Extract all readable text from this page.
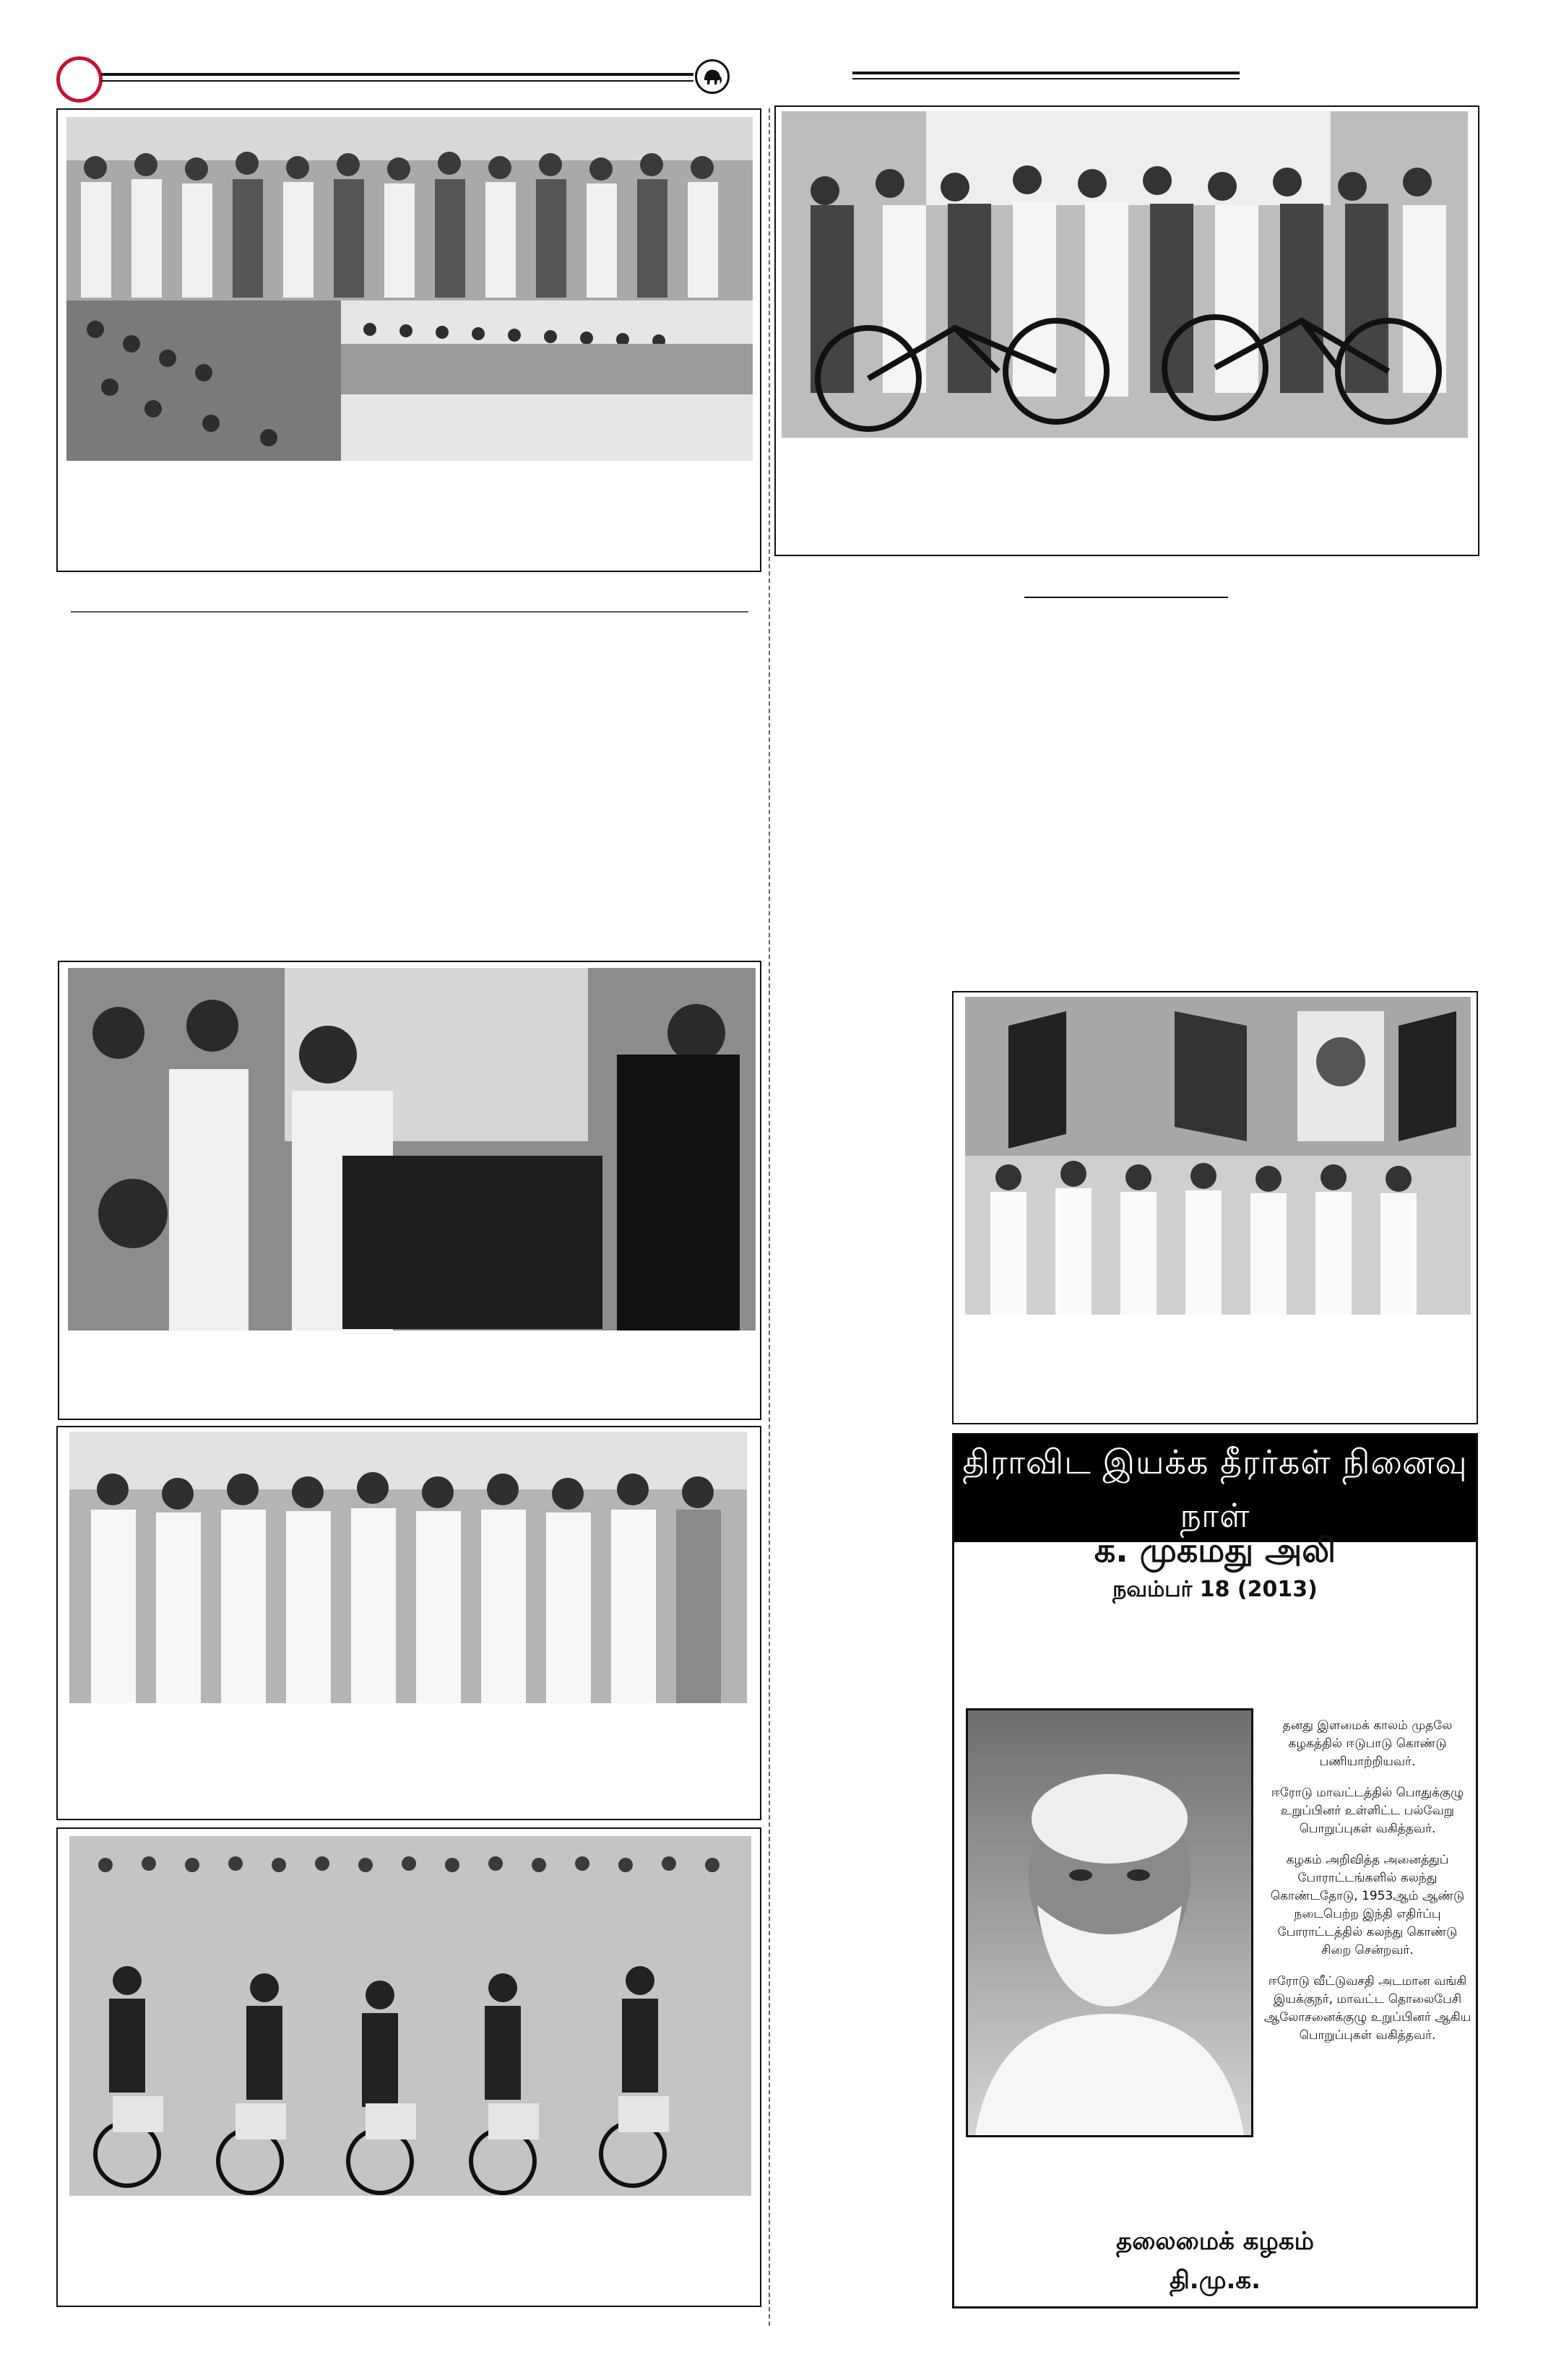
திராவிட இயக்க தீரர்கள் நினைவு நாள்
க. முகமது அலி
நவம்பர் 18 (2013)

தனது இளமைக் காலம் முதலே கழகத்தில் ஈடுபாடு கொண்டு பணியாற்றியவர்.

ஈரோடு மாவட்டத்தில் பொதுக்குழு உறுப்பினர் உள்ளிட்ட பல்வேறு பொறுப்புகள் வகித்தவர்.

கழகம் அறிவித்த அனைத்துப் போராட்டங்களில் கலந்து கொண்டதோடு, 1953ஆம் ஆண்டு நடைபெற்ற இந்தி எதிர்ப்பு போராட்டத்தில் கலந்து கொண்டு சிறை சென்றவர்.

ஈரோடு வீட்டுவசதி அடமான வங்கி இயக்குநர், மாவட்ட தொலைபேசி ஆலோசனைக்குழு உறுப்பினர் ஆகிய பொறுப்புகள் வகித்தவர்.

தலைமைக் கழகம்
தி.மு.க.
